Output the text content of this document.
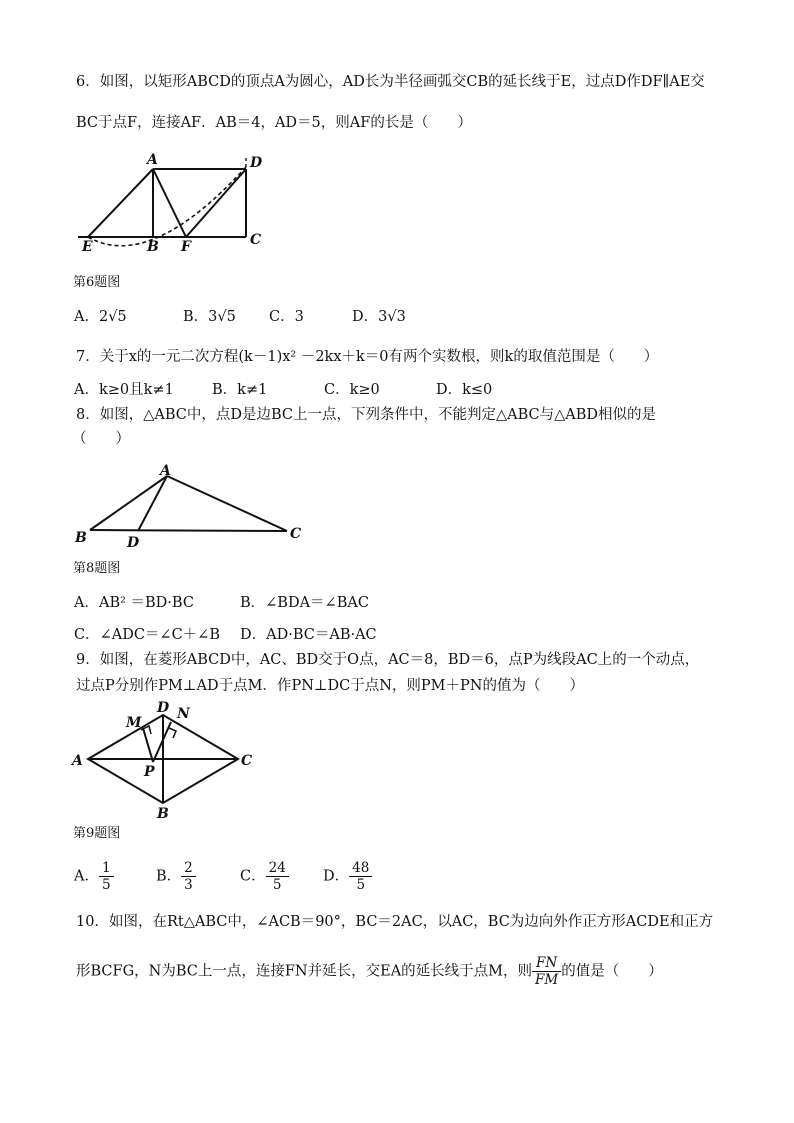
6．如图，以矩形ABCD的顶点A为圆心，AD长为半径画弧交CB的延长线于E，过点D作DF∥AE交
BC于点F，连接AF．AB＝4，AD＝5，则AF的长是（　　）
A	D
E	B F	C
第6题图
A．2√5	B．3√5 C．3	D．3√3
7．关于x的一元二次方程(k－1)x² －2kx＋k＝0有两个实数根，则k的取值范围是（　　）
A．k≥0且k≠1	B．k≠1	C．k≥0	D．k≤0
8．如图，△ABC中，点D是边BC上一点，下列条件中，不能判定△ABC与△ABD相似的是
（　　）
A
B	D
C
第8题图
A．AB² ＝BD·BC	B．∠BDA＝∠BAC
C．∠ADC＝∠C＋∠B D．AD·BC＝AB·AC
9．如图，在菱形ABCD中，AC、BD交于O点，AC＝8，BD＝6，点P为线段AC上的一个动点，
过点P分别作PM⊥AD于点M．作PN⊥DC于点N，则PM＋PN的值为（　　）
D N
M
A
P
C
B
第9题图
A． $\frac{1}{5}$	B． $\frac{2}{3}$	C． $\frac{24}{5}$ D． $\frac{48}{5}$
10．如图，在Rt△ABC中，∠ACB＝90°，BC＝2AC，以AC，BC为边向外作正方形ACDE和正方
形BCFG，N为BC上一点，连接FN并延长，交EA的延长线于点M，则 $\frac{FN}{FM}$ 的值是（　　）
